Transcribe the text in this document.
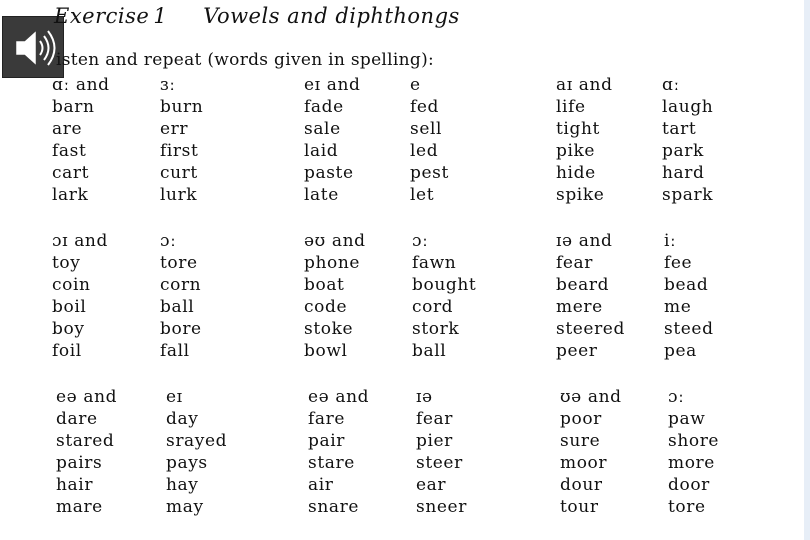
Exercise 1 Vowels and diphthongs
isten and repeat (words given in spelling):
ɑː and
barn
are
fast
cart
lark
ɜː
burn
err
first
curt
lurk
eɪ and
fade
sale
laid
paste
late
e
fed
sell
led
pest
let
aɪ and
life
tight
pike
hide
spike
ɑː
laugh
tart
park
hard
spark
ɔɪ and
toy
coin
boil
boy
foil
ɔː
tore
corn
ball
bore
fall
əʊ and
phone
boat
code
stoke
bowl
ɔː
fawn
bought
cord
stork
ball
ɪə and
fear
beard
mere
steered
peer
iː
fee
bead
me
steed
pea
eə and
dare
stared
pairs
hair
mare
eɪ
day
srayed
pays
hay
may
eə and
fare
pair
stare
air
snare
ɪə
fear
pier
steer
ear
sneer
ʊə and
poor
sure
moor
dour
tour
ɔː
paw
shore
more
door
tore
